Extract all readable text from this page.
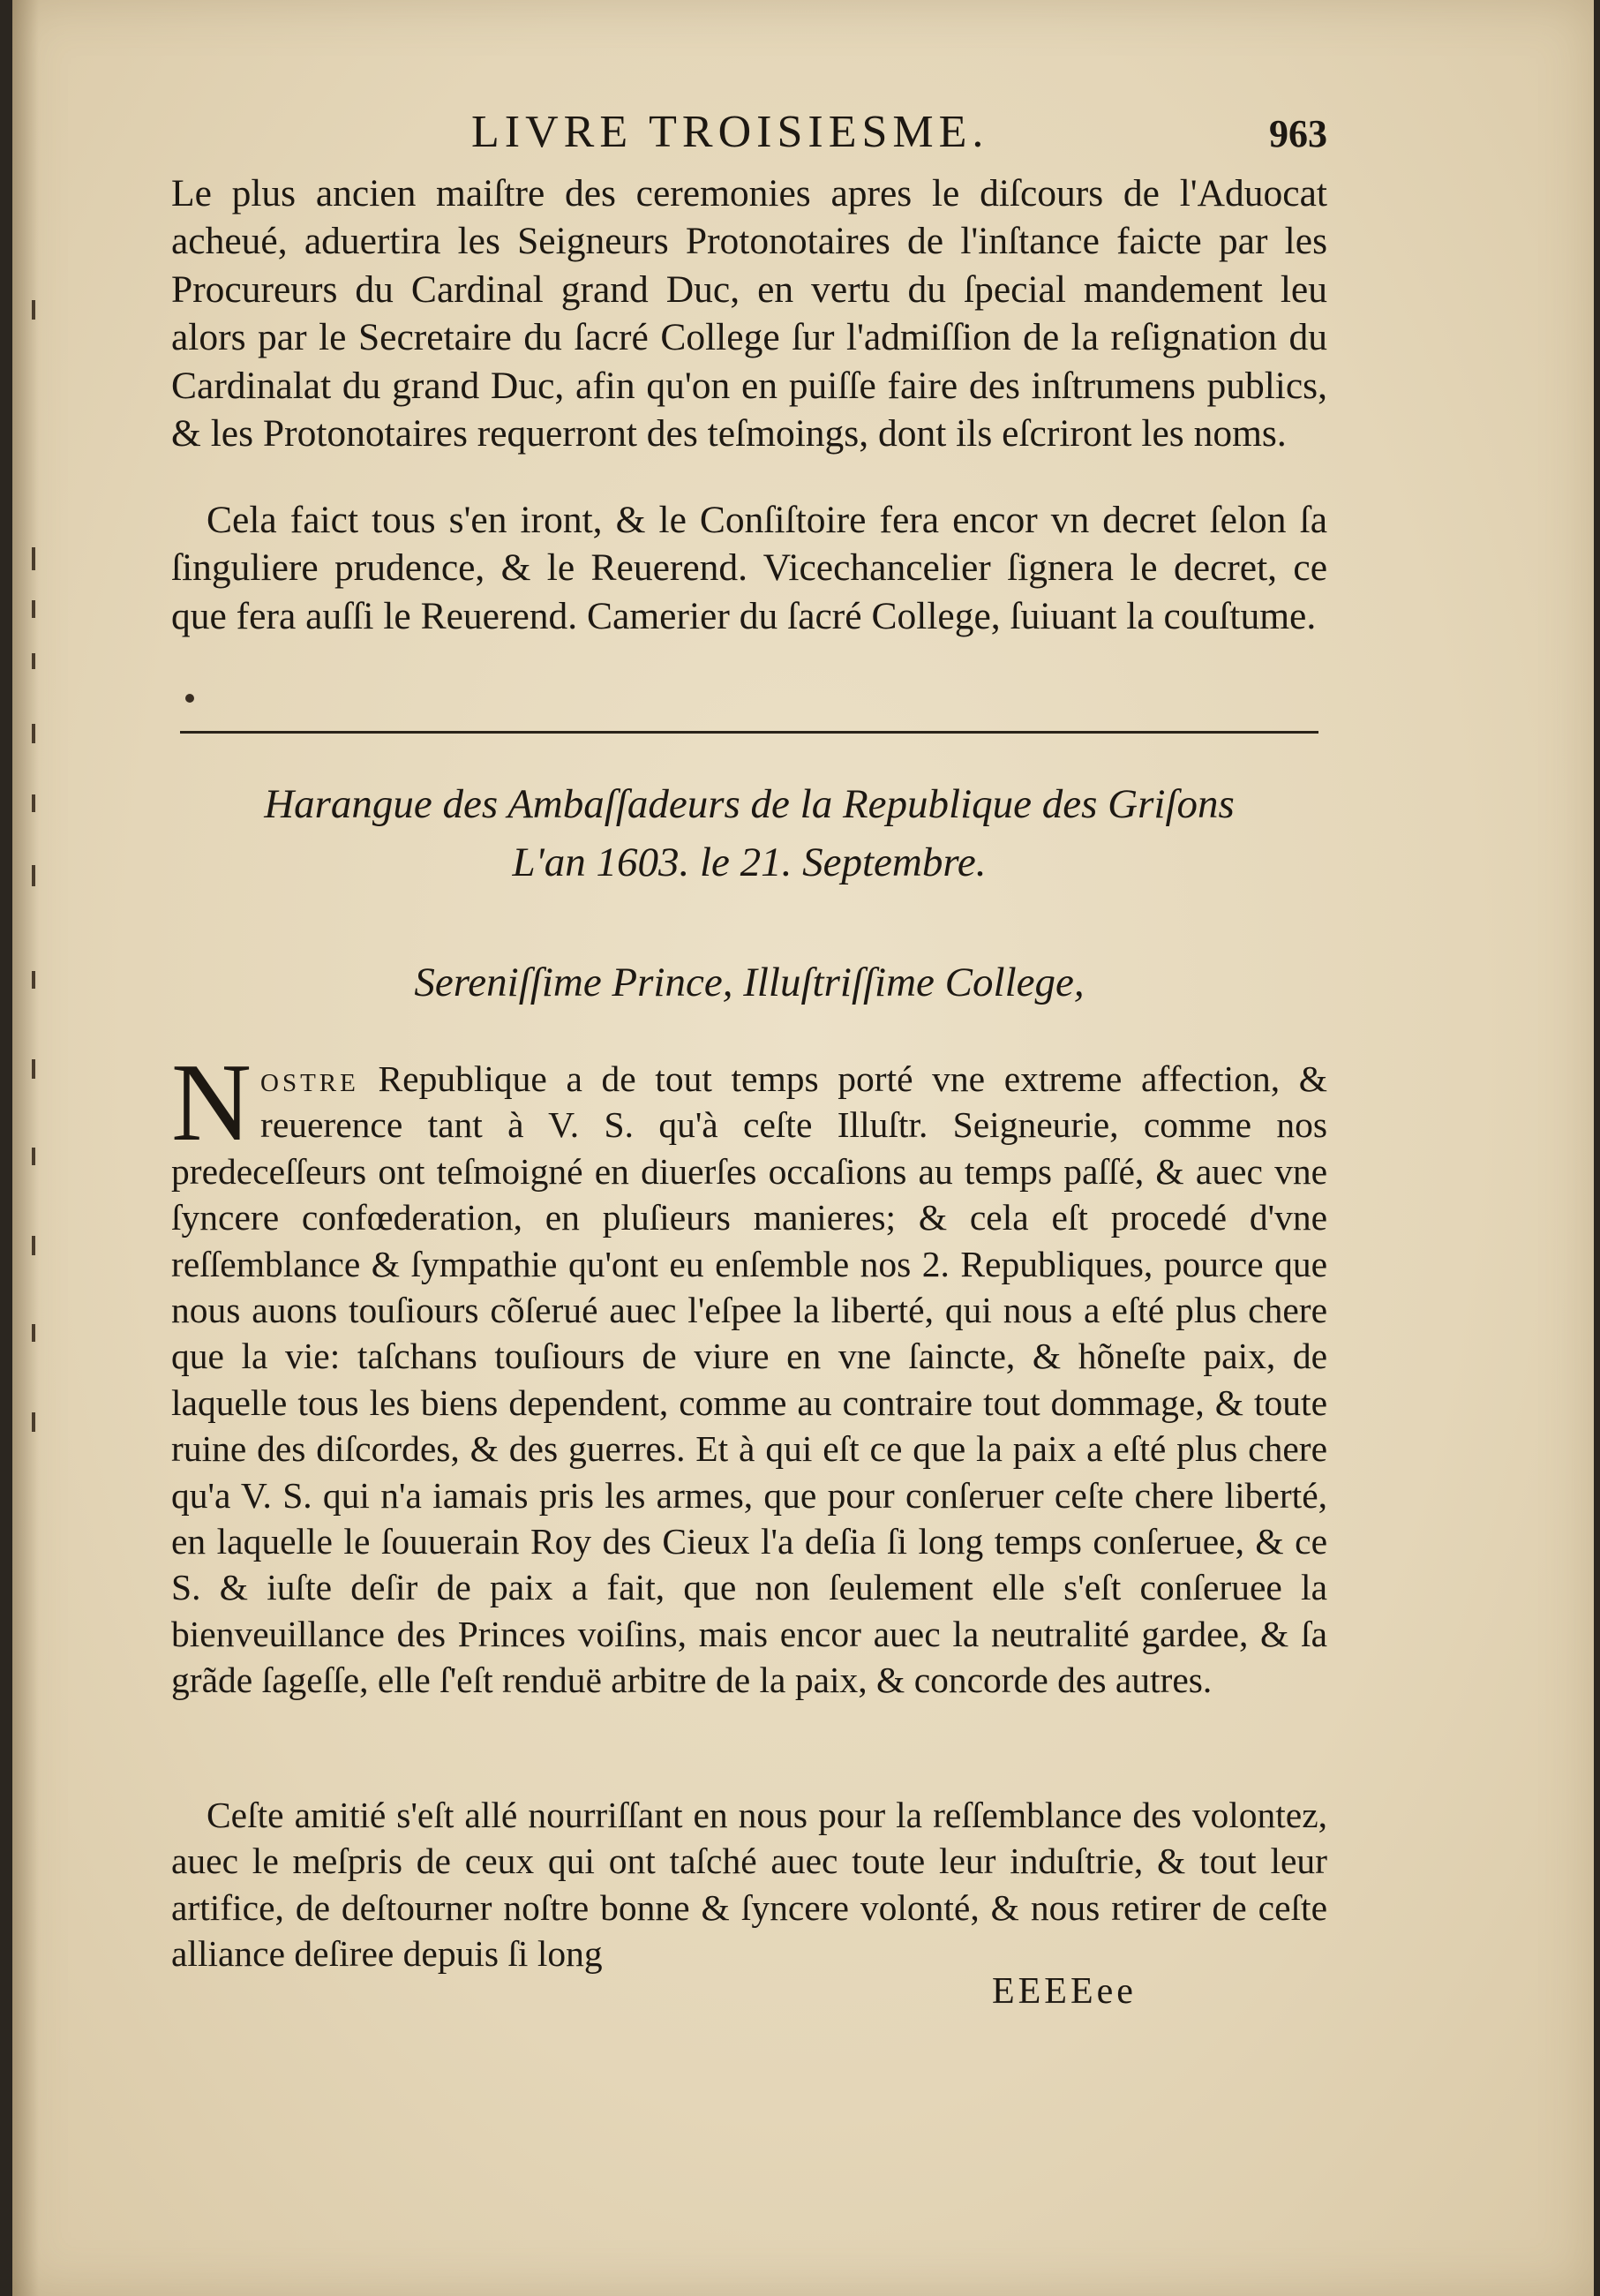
LIVRE TROISIESME.	963

Le plus ancien maiſtre des ceremonies apres le diſcours de l'Aduocat acheué, aduertira les Seigneurs Protonotaires de l'inſtance faicte par les Procureurs du Cardinal grand Duc, en vertu du ſpecial mandement leu alors par le Secretaire du ſacré College ſur l'admiſſion de la reſignation du Cardinalat du grand Duc, afin qu'on en puiſſe faire des inſtrumens publics, & les Protonotaires requerront des teſmoings, dont ils eſcriront les noms.

Cela faict tous s'en iront, & le Conſiſtoire fera encor vn decret ſelon ſa ſinguliere prudence, & le Reuerend. Vicechancelier ſignera le decret, ce que fera auſſi le Reuerend. Camerier du ſacré College, ſuiuant la couſtume.

Harangue des Ambaſſadeurs de la Republique des Griſons
L'an 1603. le 21. Septembre.
Sereniſſime Prince, Illuſtriſſime College,

Nostre Republique a de tout temps porté vne extreme affection, & reuerence tant à V. S. qu'à ceſte Illuſtr. Seigneurie, comme nos predeceſſeurs ont teſmoigné en diuerſes occaſions au temps paſſé, & auec vne ſyncere confœderation, en pluſieurs manieres; & cela eſt procedé d'vne reſſemblance & ſympathie qu'ont eu enſemble nos 2. Republiques, pource que nous auons touſiours cõſerué auec l'eſpee la liberté, qui nous a eſté plus chere que la vie: taſchans touſiours de viure en vne ſaincte, & hõneſte paix, de laquelle tous les biens dependent, comme au contraire tout dommage, & toute ruine des diſcordes, & des guerres. Et à qui eſt ce que la paix a eſté plus chere qu'a V. S. qui n'a iamais pris les armes, que pour conſeruer ceſte chere liberté, en laquelle le ſouuerain Roy des Cieux l'a deſia ſi long temps conſeruee, & ce S. & iuſte deſir de paix a fait, que non ſeulement elle s'eſt conſeruee la bienveuillance des Princes voiſins, mais encor auec la neutralité gardee, & ſa grãde ſageſſe, elle ſ'eſt renduë arbitre de la paix, & concorde des autres.

Ceſte amitié s'eſt allé nourriſſant en nous pour la reſſemblance des volontez, auec le meſpris de ceux qui ont taſché auec toute leur induſtrie, & tout leur artifice, de deſtourner noſtre bonne & ſyncere volonté, & nous retirer de ceſte alliance deſiree depuis ſi long

EEEEee
